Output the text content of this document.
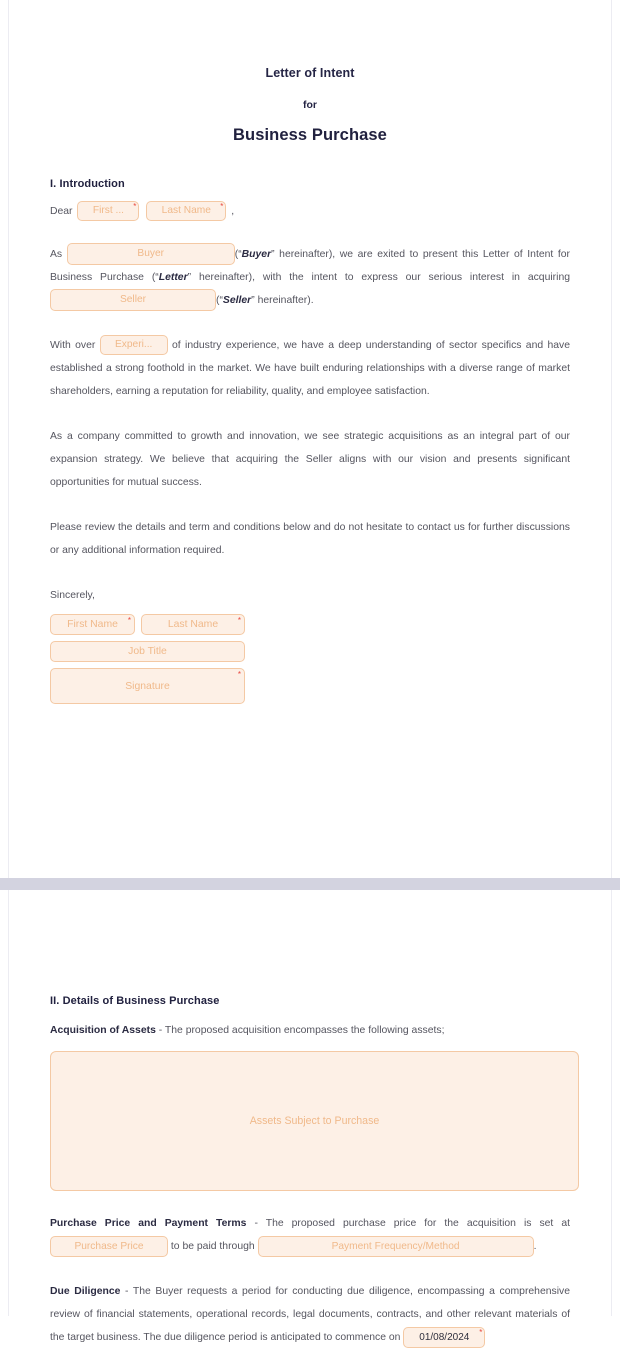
Letter of Intent
for
Business Purchase
I. Introduction
Dear First ... *	Last Name * ,

As	Buyer	(“Buyer” hereinafter), we are exited to present this Letter of Intent for Business Purchase (“Letter” hereinafter), with the intent to express our serious interest in acquiring Seller	(“Seller” hereinafter).

With over Experi... of industry experience, we have a deep understanding of sector specifics and have established a strong foothold in the market. We have built enduring relationships with a diverse range of market shareholders, earning a reputation for reliability, quality, and employee satisfaction.

As a company committed to growth and innovation, we see strategic acquisitions as an integral part of our expansion strategy. We believe that acquiring the Seller aligns with our vision and presents significant opportunities for mutual success.

Please review the details and term and conditions below and do not hesitate to contact us for further discussions or any additional information required.

Sincerely,
First Name *	Last Name *
Job Title
Signature *
II. Details of Business Purchase

Acquisition of Assets - The proposed acquisition encompasses the following assets;

Assets Subject to Purchase

Purchase Price and Payment Terms - The proposed purchase price for the acquisition is set at Purchase Price	to be paid through	Payment Frequency/Method	.

Due Diligence - The Buyer requests a period for conducting due diligence, encompassing a comprehensive review of financial statements, operational records, legal documents, contracts, and other relevant materials of the target business. The due diligence period is anticipated to commence on 01/08/2024 *
